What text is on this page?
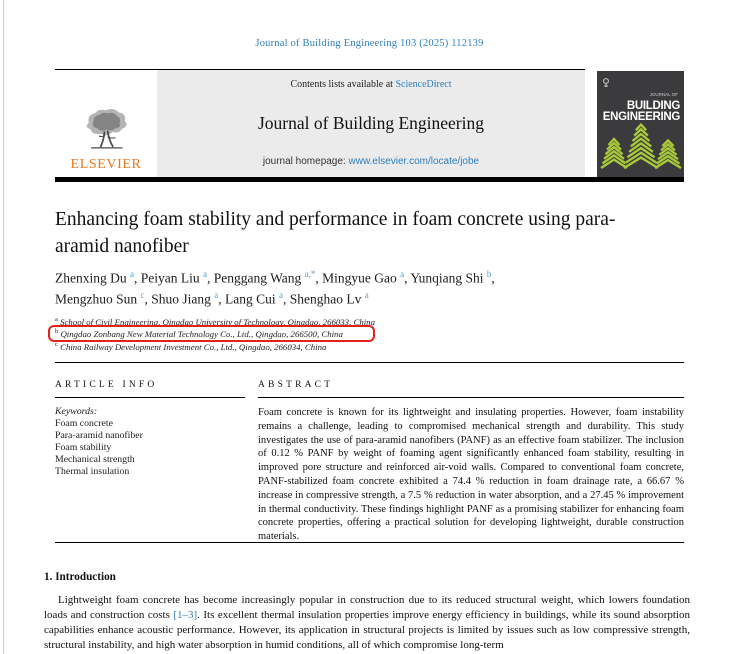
Journal of Building Engineering 103 (2025) 112139
ELSEVIER
Contents lists available at ScienceDirect
Journal of Building Engineering
journal homepage: www.elsevier.com/locate/jobe
JOURNAL OFBUILDING
ENGINEERING
Enhancing foam stability and performance in foam concrete using para-aramid nanofiber
Zhenxing Du $^a$, Peiyan Liu $^a$, Penggang Wang $^{a,*}$, Mingyue Gao $^a$, Yunqiang Shi $^b$,
Mengzhuo Sun $^c$, Shuo Jiang $^a$, Lang Cui $^a$, Shenghao Lv $^a$
$^a$ School of Civil Engineering, Qingdao University of Technology, Qingdao, 266033, China
$^b$ Qingdao Zonbang New Material Technology Co., Ltd., Qingdao, 266500, China
$^c$ China Railway Development Investment Co., Ltd., Qingdao, 266034, China
ARTICLE INFO
Keywords:
Foam concrete
Para-aramid nanofiber
Foam stability
Mechanical strength
Thermal insulation
ABSTRACT
Foam concrete is known for its lightweight and insulating properties. However, foam instability remains a challenge, leading to compromised mechanical strength and durability. This study investigates the use of para-aramid nanofibers (PANF) as an effective foam stabilizer. The inclusion of 0.12 % PANF by weight of foaming agent significantly enhanced foam stability, resulting in improved pore structure and reinforced air-void walls. Compared to conventional foam concrete, PANF-stabilized foam concrete exhibited a 74.4 % reduction in foam drainage rate, a 66.67 % increase in compressive strength, a 7.5 % reduction in water absorption, and a 27.45 % improvement in thermal conductivity. These findings highlight PANF as a promising stabilizer for enhancing foam concrete properties, offering a practical solution for developing lightweight, durable construction materials.
1. Introduction
Lightweight foam concrete has become increasingly popular in construction due to its reduced structural weight, which lowers foundation loads and construction costs [1–3]. Its excellent thermal insulation properties improve energy efficiency in buildings, while its sound absorption capabilities enhance acoustic performance. However, its application in structural projects is limited by issues such as low compressive strength, structural instability, and high water absorption in humid conditions, all of which compromise long-term
